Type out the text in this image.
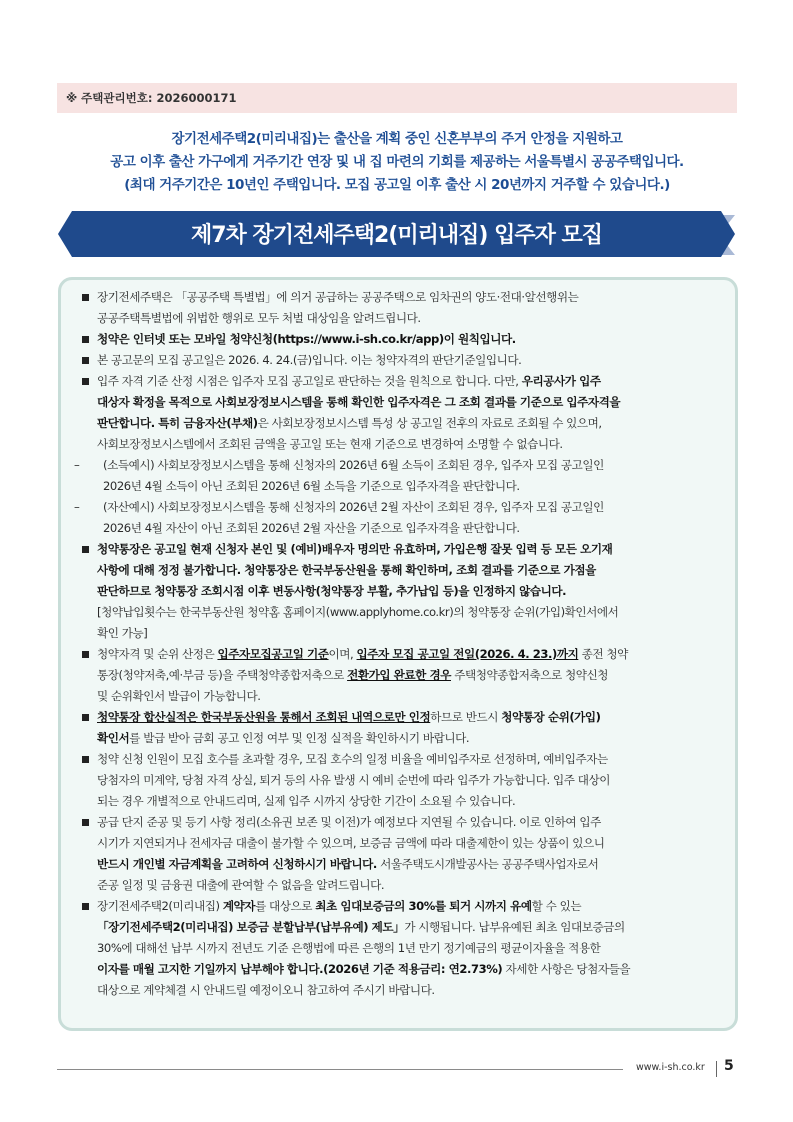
※ 주택관리번호: 2026000171
장기전세주택2(미리내집)는 출산을 계획 중인 신혼부부의 주거 안정을 지원하고
공고 이후 출산 가구에게 거주기간 연장 및 내 집 마련의 기회를 제공하는 서울특별시 공공주택입니다.
(최대 거주기간은 10년인 주택입니다. 모집 공고일 이후 출산 시 20년까지 거주할 수 있습니다.)
제7차 장기전세주택2(미리내집) 입주자 모집
장기전세주택은 「공공주택 특별법」에 의거 공급하는 공공주택으로 임차권의 양도·전대·알선행위는
공공주택특별법에 위법한 행위로 모두 처벌 대상임을 알려드립니다.
청약은 인터넷 또는 모바일 청약신청(https://www.i-sh.co.kr/app)이 원칙입니다.
본 공고문의 모집 공고일은 2026. 4. 24.(금)입니다. 이는 청약자격의 판단기준일입니다.
입주 자격 기준 산정 시점은 입주자 모집 공고일로 판단하는 것을 원칙으로 합니다. 다만, 우리공사가 입주
대상자 확정을 목적으로 사회보장정보시스템을 통해 확인한 입주자격은 그 조회 결과를 기준으로 입주자격을
판단합니다. 특히 금융자산(부채)은 사회보장정보시스템 특성 상 공고일 전후의 자료로 조회될 수 있으며,
사회보장정보시스템에서 조회된 금액을 공고일 또는 현재 기준으로 변경하여 소명할 수 없습니다.
– (소득예시) 사회보장정보시스템을 통해 신청자의 2026년 6월 소득이 조회된 경우, 입주자 모집 공고일인
2026년 4월 소득이 아닌 조회된 2026년 6월 소득을 기준으로 입주자격을 판단합니다.
– (자산예시) 사회보장정보시스템을 통해 신청자의 2026년 2월 자산이 조회된 경우, 입주자 모집 공고일인
2026년 4월 자산이 아닌 조회된 2026년 2월 자산을 기준으로 입주자격을 판단합니다.
청약통장은 공고일 현재 신청자 본인 및 (예비)배우자 명의만 유효하며, 가입은행 잘못 입력 등 모든 오기재
사항에 대해 정정 불가합니다. 청약통장은 한국부동산원을 통해 확인하며, 조회 결과를 기준으로 가점을
판단하므로 청약통장 조회시점 이후 변동사항(청약통장 부활, 추가납입 등)을 인정하지 않습니다.
[청약납입횟수는 한국부동산원 청약홈 홈페이지(www.applyhome.co.kr)의 청약통장 순위(가입)확인서에서
확인 가능]
청약자격 및 순위 산정은 입주자모집공고일 기준이며, 입주자 모집 공고일 전일(2026. 4. 23.)까지 종전 청약
통장(청약저축,예·부금 등)을 주택청약종합저축으로 전환가입 완료한 경우 주택청약종합저축으로 청약신청
및 순위확인서 발급이 가능합니다.
청약통장 합산실적은 한국부동산원을 통해서 조회된 내역으로만 인정하므로 반드시 청약통장 순위(가입)
확인서를 발급 받아 금회 공고 인정 여부 및 인정 실적을 확인하시기 바랍니다.
청약 신청 인원이 모집 호수를 초과할 경우, 모집 호수의 일정 비율을 예비입주자로 선정하며, 예비입주자는
당첨자의 미계약, 당첨 자격 상실, 퇴거 등의 사유 발생 시 예비 순번에 따라 입주가 가능합니다. 입주 대상이
되는 경우 개별적으로 안내드리며, 실제 입주 시까지 상당한 기간이 소요될 수 있습니다.
공급 단지 준공 및 등기 사항 정리(소유권 보존 및 이전)가 예정보다 지연될 수 있습니다. 이로 인하여 입주
시기가 지연되거나 전세자금 대출이 불가할 수 있으며, 보증금 금액에 따라 대출제한이 있는 상품이 있으니
반드시 개인별 자금계획을 고려하여 신청하시기 바랍니다. 서울주택도시개발공사는 공공주택사업자로서
준공 일정 및 금융권 대출에 관여할 수 없음을 알려드립니다.
장기전세주택2(미리내집) 계약자를 대상으로 최초 임대보증금의 30%를 퇴거 시까지 유예할 수 있는
「장기전세주택2(미리내집) 보증금 분할납부(납부유예) 제도」가 시행됩니다. 납부유예된 최초 임대보증금의
30%에 대해선 납부 시까지 전년도 기준 은행법에 따른 은행의 1년 만기 정기예금의 평균이자율을 적용한
이자를 매월 고지한 기일까지 납부해야 합니다.(2026년 기준 적용금리: 연2.73%) 자세한 사항은 당첨자들을
대상으로 계약체결 시 안내드릴 예정이오니 참고하여 주시기 바랍니다.
www.i-sh.co.kr 5
